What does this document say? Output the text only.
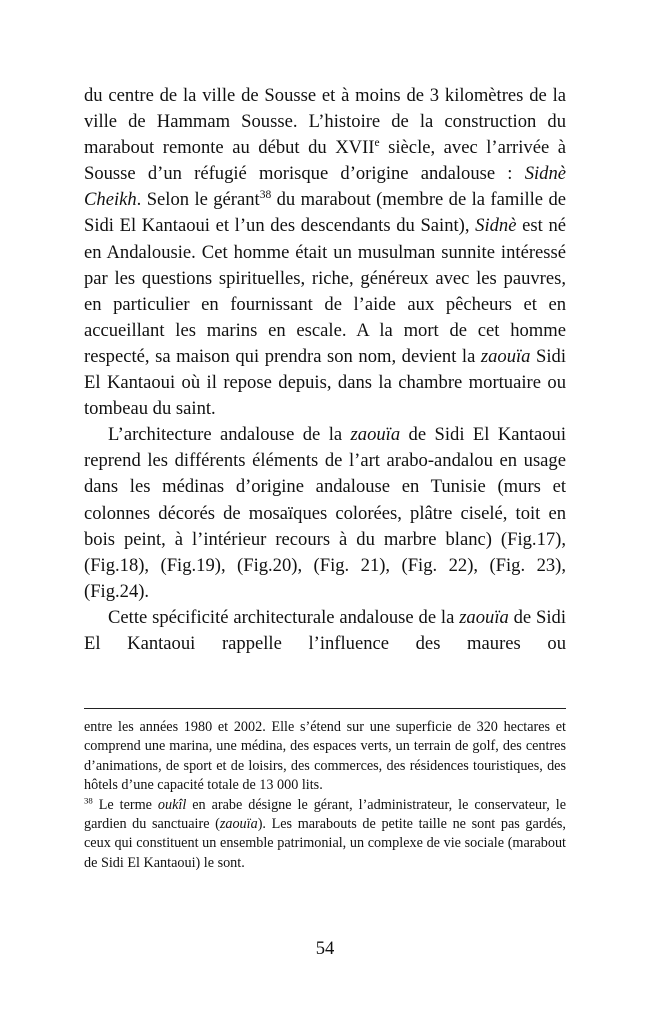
du centre de la ville de Sousse et à moins de 3 kilomètres de la ville de Hammam Sousse. L’histoire de la construction du marabout remonte au début du XVIIe siècle, avec l’arrivée à Sousse d’un réfugié morisque d’origine andalouse : Sidnè Cheikh. Selon le gérant$^{38}$ du marabout (membre de la famille de Sidi El Kantaoui et l’un des descendants du Saint), Sidnè est né en Andalousie. Cet homme était un musulman sunnite intéressé par les questions spirituelles, riche, généreux avec les pauvres, en particulier en fournissant de l’aide aux pêcheurs et en accueillant les marins en escale. A la mort de cet homme respecté, sa maison qui prendra son nom, devient la zaouïa Sidi El Kantaoui où il repose depuis, dans la chambre mortuaire ou tombeau du saint.

L’architecture andalouse de la zaouïa de Sidi El Kantaoui reprend les différents éléments de l’art arabo-andalou en usage dans les médinas d’origine andalouse en Tunisie (murs et colonnes décorés de mosaïques colorées, plâtre ciselé, toit en bois peint, à l’intérieur recours à du marbre blanc) (Fig.17), (Fig.18), (Fig.19), (Fig.20), (Fig. 21), (Fig. 22), (Fig. 23), (Fig.24).

Cette spécificité architecturale andalouse de la zaouïa de Sidi El Kantaoui rappelle l’influence des maures ou

entre les années 1980 et 2002. Elle s’étend sur une superficie de 320 hectares et comprend une marina, une médina, des espaces verts, un terrain de golf, des centres d’animations, de sport et de loisirs, des commerces, des résidences touristiques, des hôtels d’une capacité totale de 13 000 lits.

$^{38}$ Le terme oukîl en arabe désigne le gérant, l’administrateur, le conservateur, le gardien du sanctuaire (zaouïa). Les marabouts de petite taille ne sont pas gardés, ceux qui constituent un ensemble patrimonial, un complexe de vie sociale (marabout de Sidi El Kantaoui) le sont.

54
